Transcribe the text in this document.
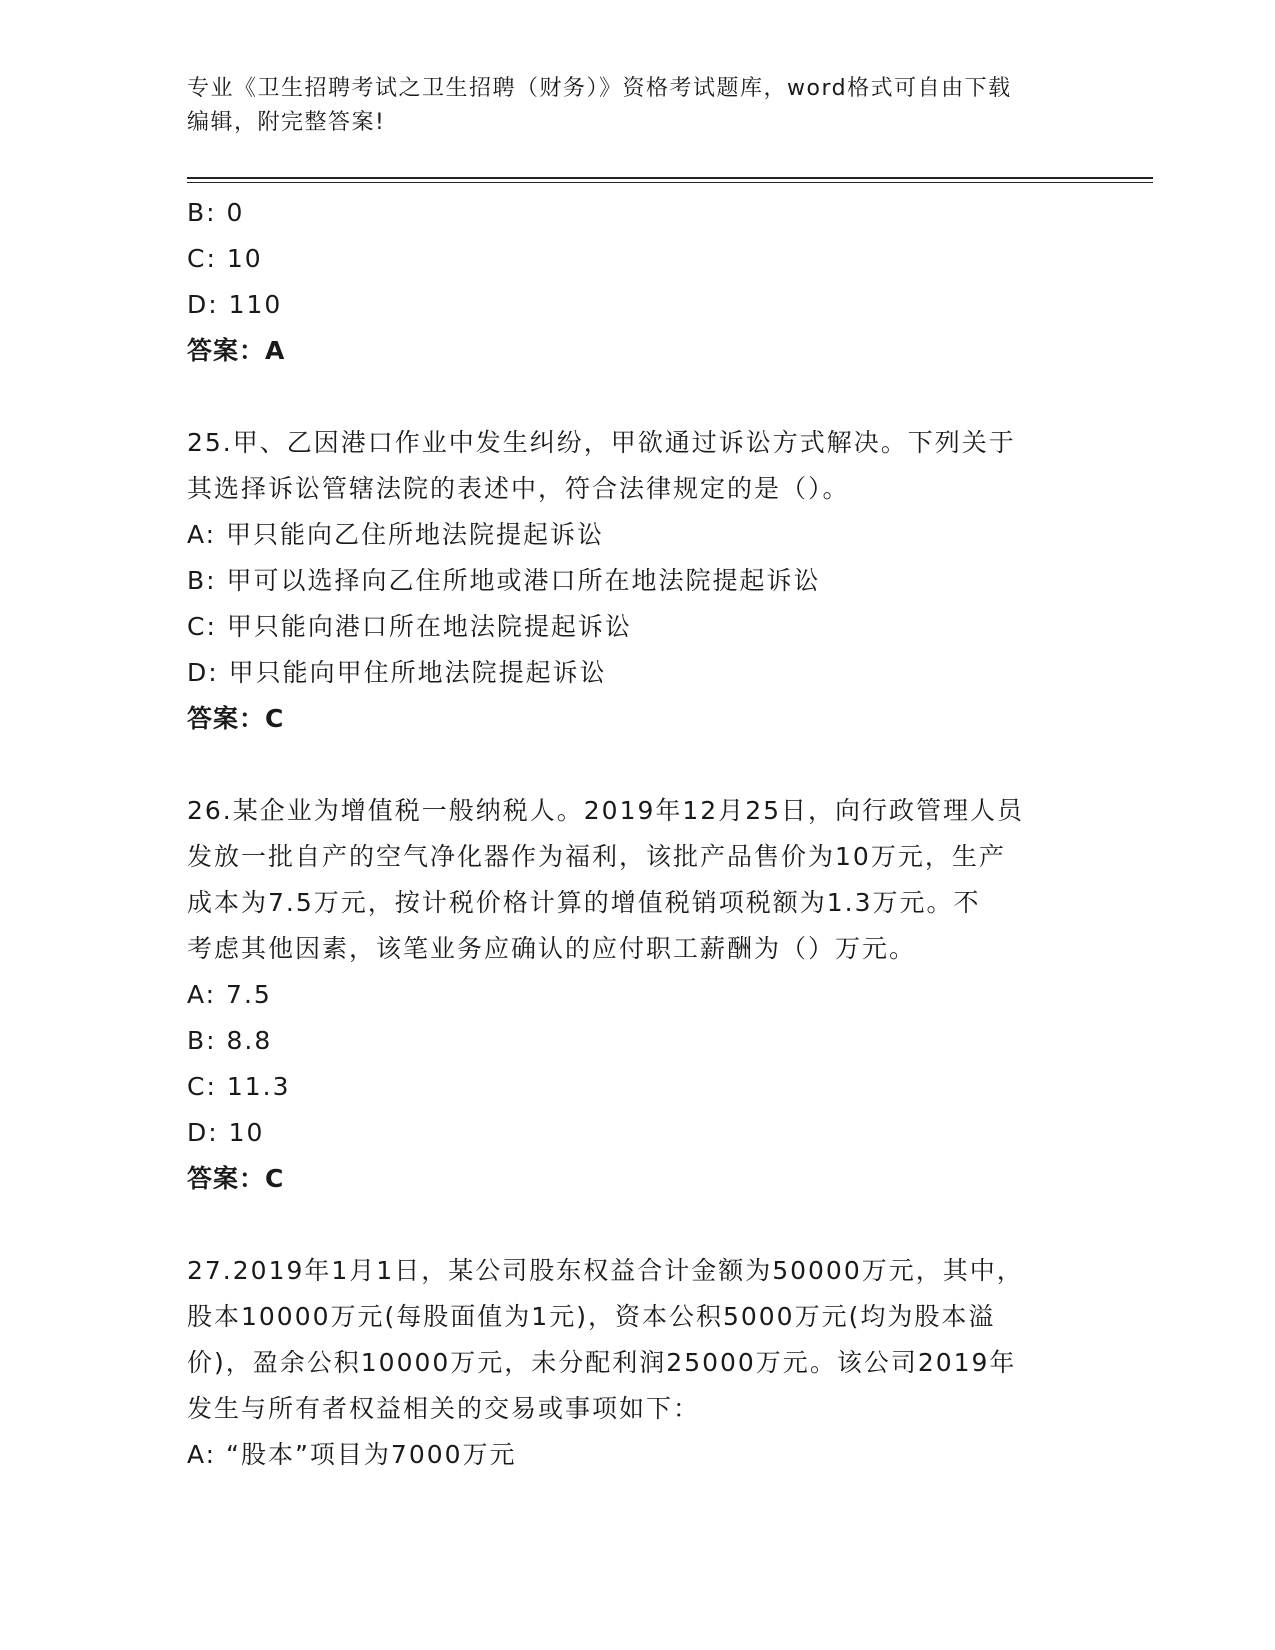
专业《卫生招聘考试之卫生招聘（财务）》资格考试题库，word格式可自由下载
编辑，附完整答案!
B: 0
C: 10
D: 110
答案：A
25.甲、乙因港口作业中发生纠纷，甲欲通过诉讼方式解决。下列关于
其选择诉讼管辖法院的表述中，符合法律规定的是（）。
A: 甲只能向乙住所地法院提起诉讼
B: 甲可以选择向乙住所地或港口所在地法院提起诉讼
C: 甲只能向港口所在地法院提起诉讼
D: 甲只能向甲住所地法院提起诉讼
答案：C
26.某企业为增值税一般纳税人。2019年12月25日，向行政管理人员
发放一批自产的空气净化器作为福利，该批产品售价为10万元，生产
成本为7.5万元，按计税价格计算的增值税销项税额为1.3万元。不
考虑其他因素，该笔业务应确认的应付职工薪酬为（）万元。
A: 7.5
B: 8.8
C: 11.3
D: 10
答案：C
27.2019年1月1日，某公司股东权益合计金额为50000万元，其中，
股本10000万元(每股面值为1元)，资本公积5000万元(均为股本溢
价)，盈余公积10000万元，未分配利润25000万元。该公司2019年
发生与所有者权益相关的交易或事项如下：
A: “股本”项目为7000万元
